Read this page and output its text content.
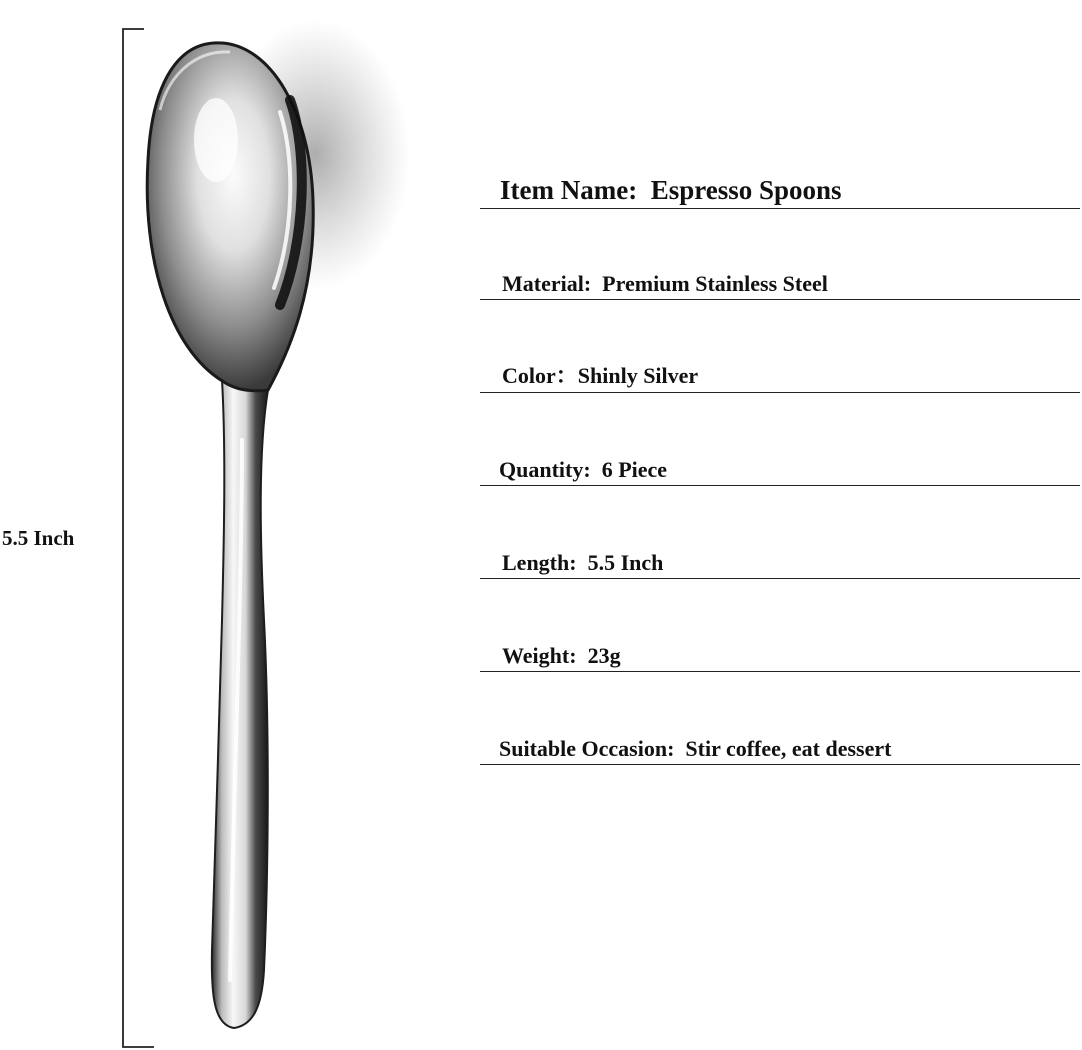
5.5 Inch
Item Name: Espresso Spoons
Material: Premium Stainless Steel
Color：Shinly Silver
Quantity: 6 Piece
Length: 5.5 Inch
Weight: 23g
Suitable Occasion: Stir coffee, eat dessert
